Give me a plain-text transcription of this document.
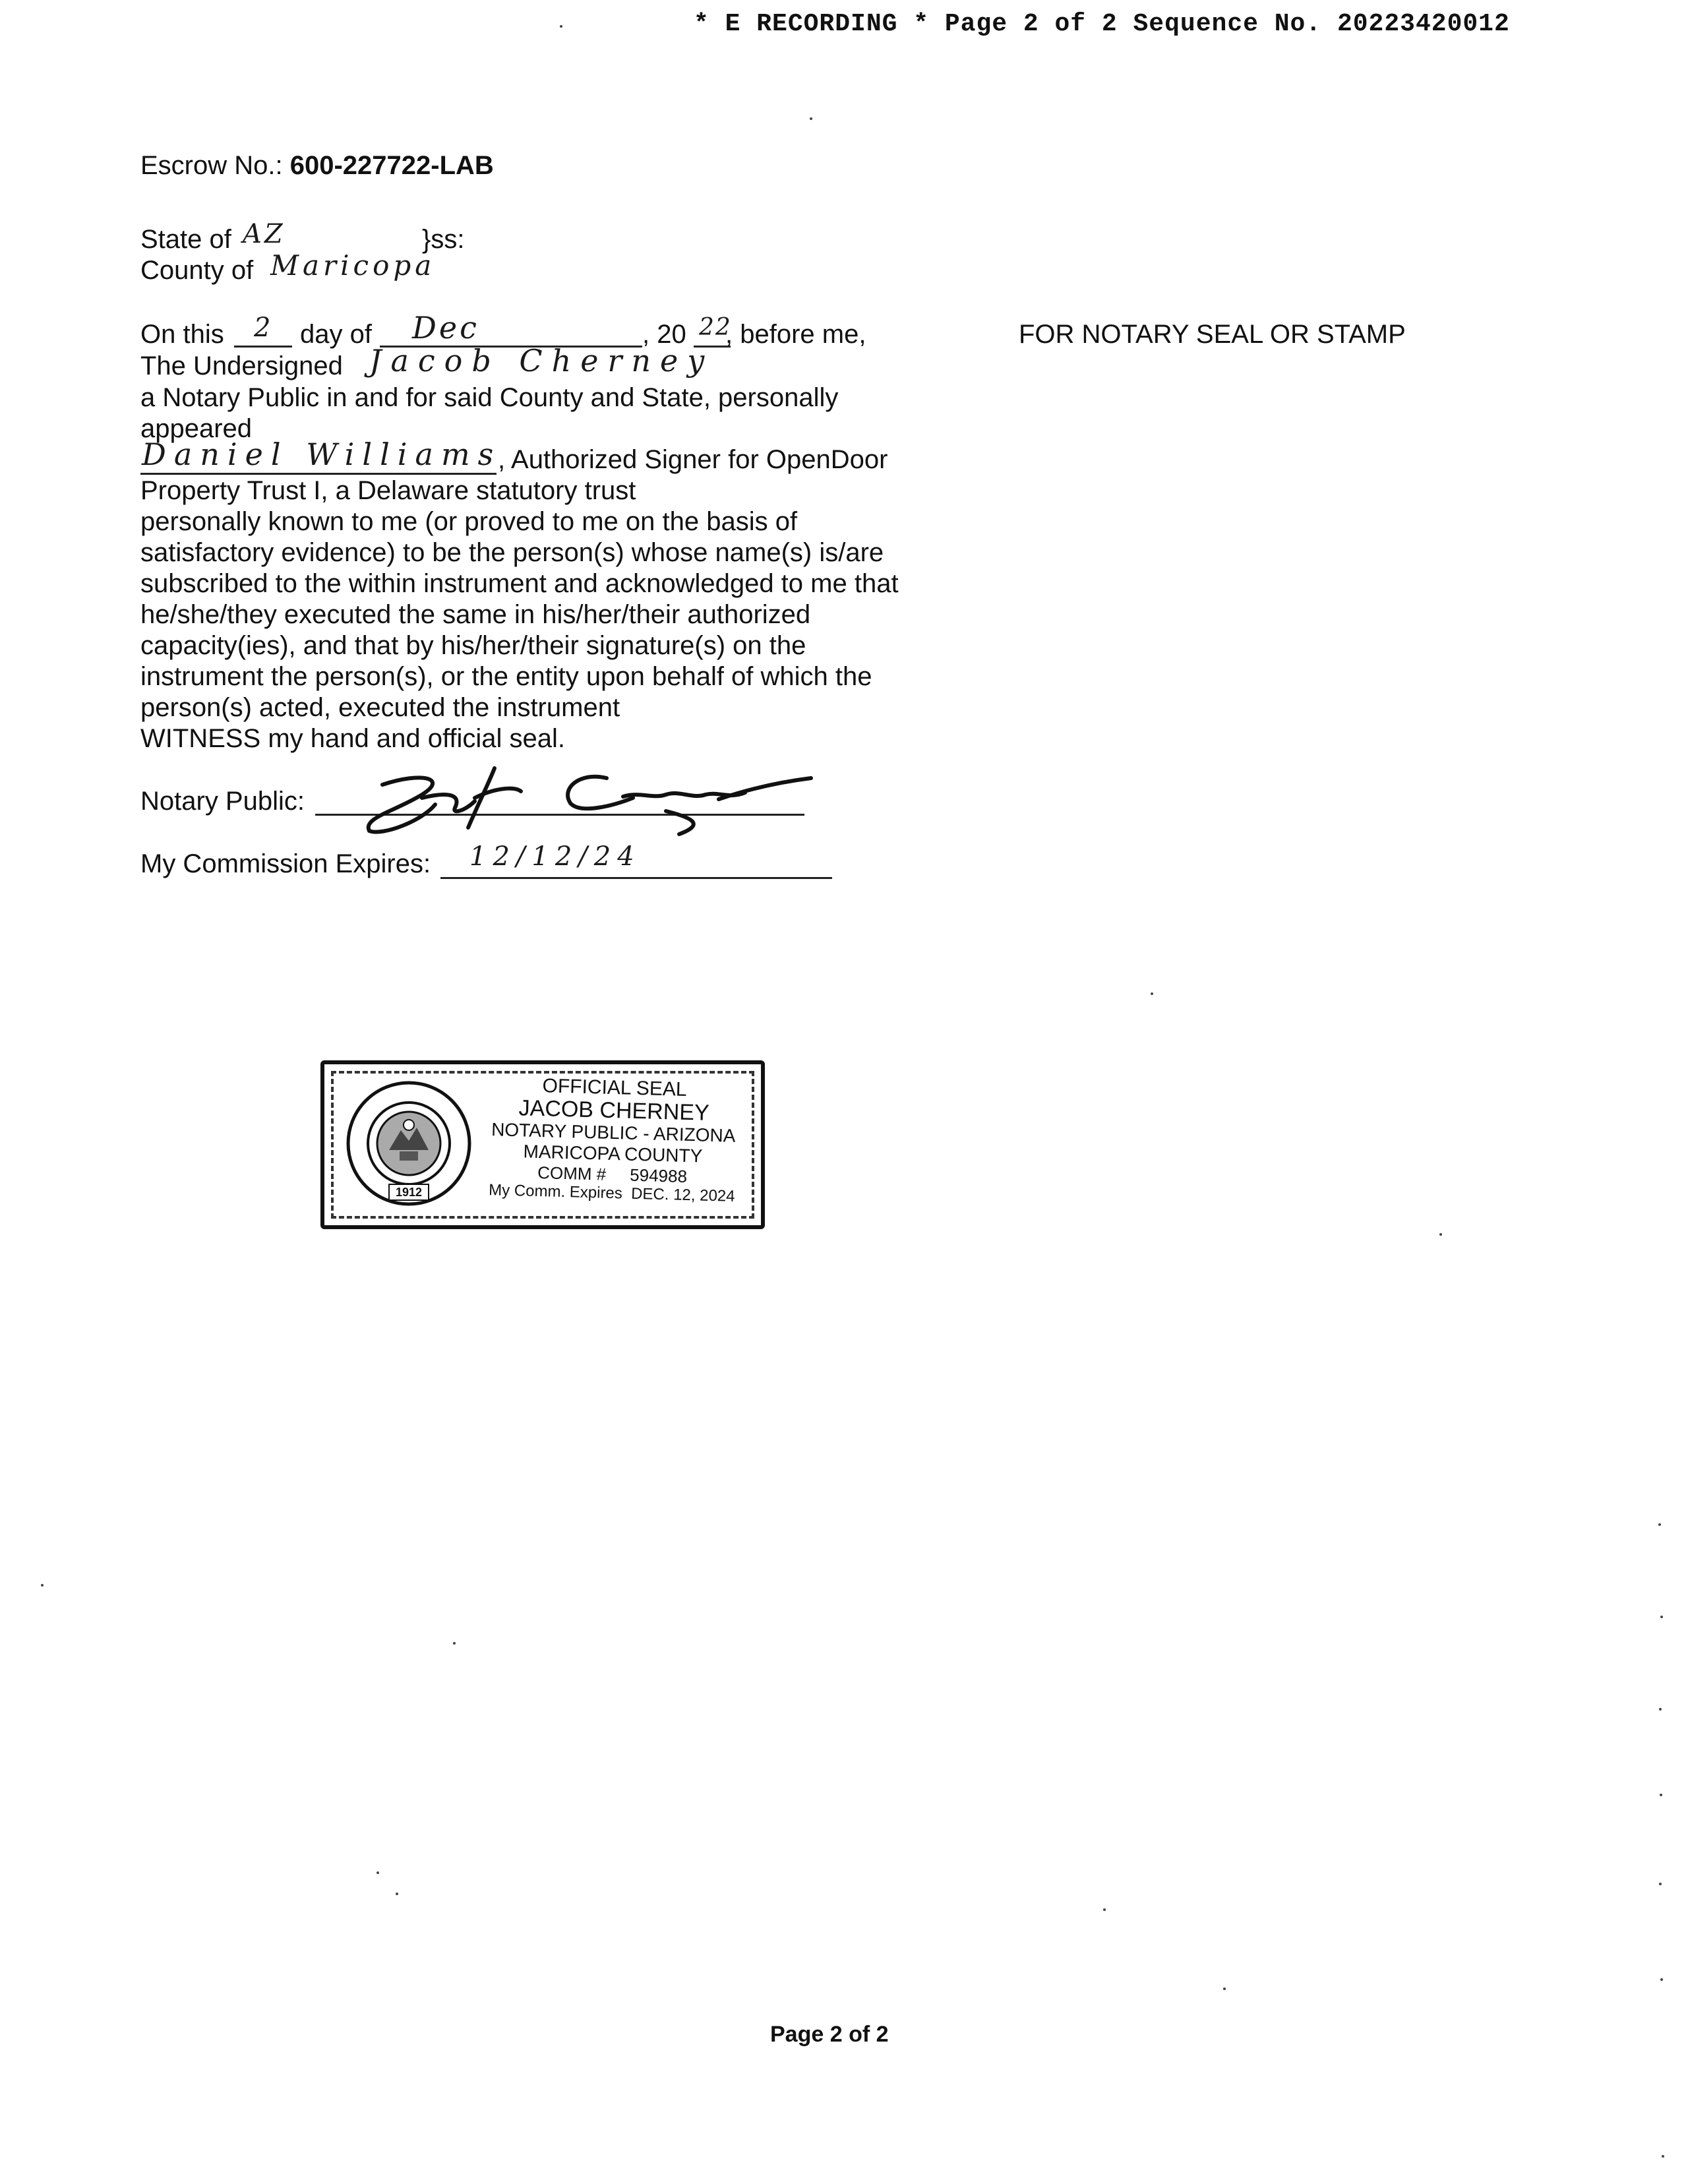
* E RECORDING * Page 2 of 2 Sequence No. 20223420012
Escrow No.: 600-227722-LAB
State of AZ	}ss:
County of Maricopa
On this 2 day of Dec	, 20 22
, before me,	FOR NOTARY SEAL OR STAMP
The Undersigned Jacob Cherney
a Notary Public in and for said County and State, personally
appeared
Daniel Williams
, Authorized Signer for OpenDoor
Property Trust I, a Delaware statutory trust
personally known to me (or proved to me on the basis of
satisfactory evidence) to be the person(s) whose name(s) is/are
subscribed to the within instrument and acknowledged to me that
he/she/they executed the same in his/her/their authorized
capacity(ies), and that by his/her/their signature(s) on the
instrument the person(s), or the entity upon behalf of which the
person(s) acted, executed the instrument
WITNESS my hand and official seal.
Notary Public:
My Commission Expires: 12/12/24
1912
OFFICIAL SEAL
JACOB CHERNEY
NOTARY PUBLIC - ARIZONA
MARICOPA COUNTY
COMM #     594988
My Comm. Expires  DEC. 12, 2024
Page 2 of 2
